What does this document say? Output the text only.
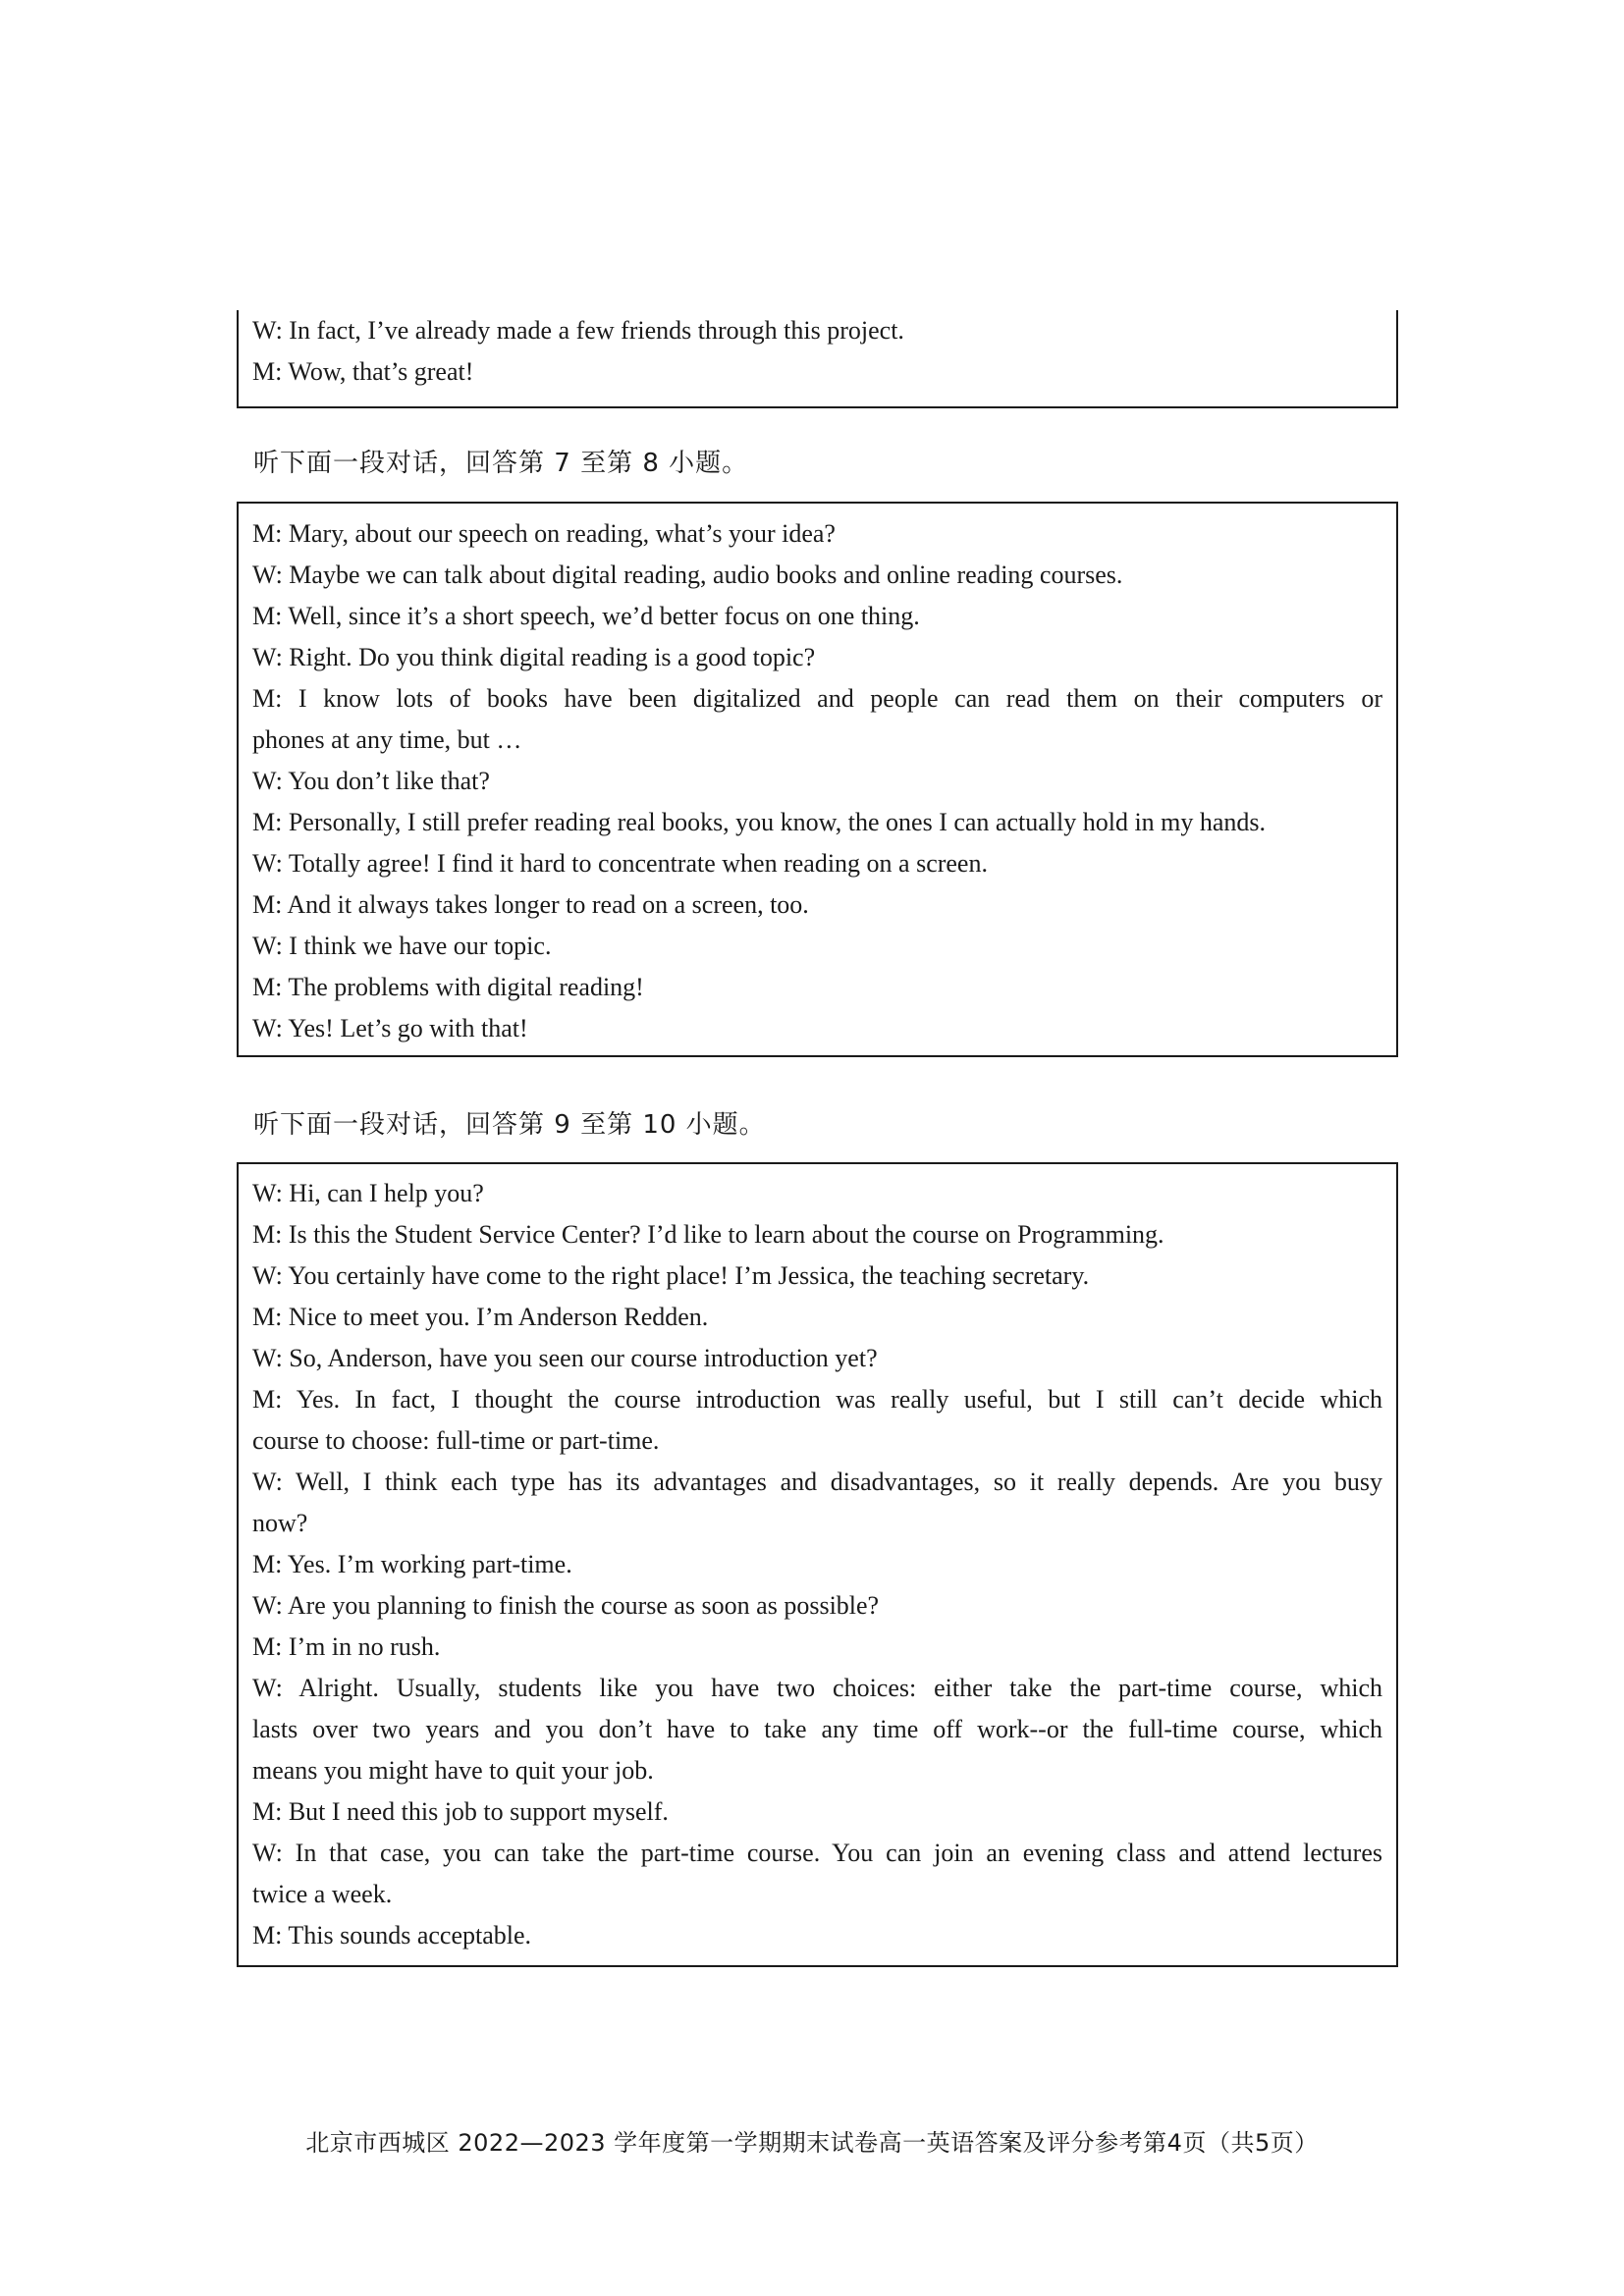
W: In fact, I’ve already made a few friends through this project.
M: Wow, that’s great!
听下面一段对话，回答第 7 至第 8 小题。
M: Mary, about our speech on reading, what’s your idea?
W: Maybe we can talk about digital reading, audio books and online reading courses.
M: Well, since it’s a short speech, we’d better focus on one thing.
W: Right. Do you think digital reading is a good topic?
M: I know lots of books have been digitalized and people can read them on their computers or
phones at any time, but …
W: You don’t like that?
M: Personally, I still prefer reading real books, you know, the ones I can actually hold in my hands.
W: Totally agree! I find it hard to concentrate when reading on a screen.
M: And it always takes longer to read on a screen, too.
W: I think we have our topic.
M: The problems with digital reading!
W: Yes! Let’s go with that!
听下面一段对话，回答第 9 至第 10 小题。
W: Hi, can I help you?
M: Is this the Student Service Center? I’d like to learn about the course on Programming.
W: You certainly have come to the right place! I’m Jessica, the teaching secretary.
M: Nice to meet you. I’m Anderson Redden.
W: So, Anderson, have you seen our course introduction yet?
M: Yes. In fact, I thought the course introduction was really useful, but I still can’t decide which
course to choose: full-time or part-time.
W: Well, I think each type has its advantages and disadvantages, so it really depends. Are you busy
now?
M: Yes. I’m working part-time.
W: Are you planning to finish the course as soon as possible?
M: I’m in no rush.
W: Alright. Usually, students like you have two choices: either take the part-time course, which
lasts over two years and you don’t have to take any time off work--or the full-time course, which
means you might have to quit your job.
M: But I need this job to support myself.
W: In that case, you can take the part-time course. You can join an evening class and attend lectures
twice a week.
M: This sounds acceptable.
北京市西城区 2022—2023 学年度第一学期期末试卷高一英语答案及评分参考第4页（共5页）
